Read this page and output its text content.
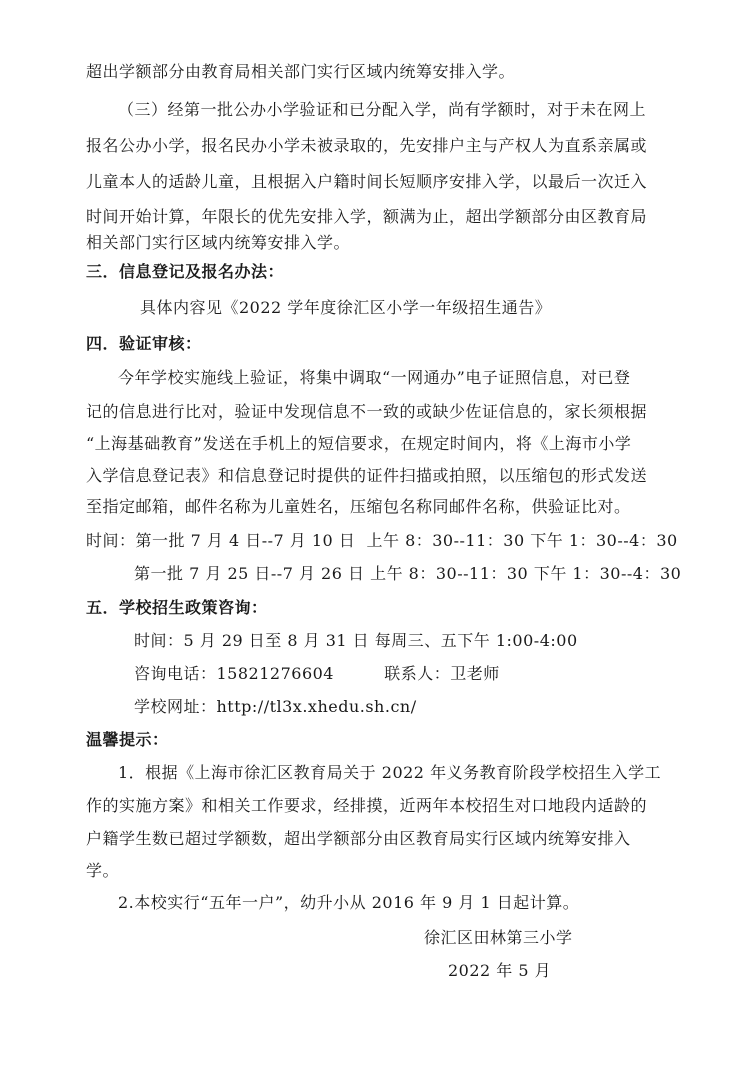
超出学额部分由教育局相关部门实行区域内统筹安排入学。
（三）经第一批公办小学验证和已分配入学，尚有学额时，对于未在网上
报名公办小学，报名民办小学未被录取的，先安排户主与产权人为直系亲属或
儿童本人的适龄儿童，且根据入户籍时间长短顺序安排入学，以最后一次迁入
时间开始计算，年限长的优先安排入学，额满为止，超出学额部分由区教育局
相关部门实行区域内统筹安排入学。
三．信息登记及报名办法：
具体内容见《2022 学年度徐汇区小学一年级招生通告》
四．验证审核：
今年学校实施线上验证，将集中调取“一网通办”电子证照信息，对已登
记的信息进行比对，验证中发现信息不一致的或缺少佐证信息的，家长须根据
“上海基础教育”发送在手机上的短信要求，在规定时间内，将《上海市小学
入学信息登记表》和信息登记时提供的证件扫描或拍照，以压缩包的形式发送
至指定邮箱，邮件名称为儿童姓名，压缩包名称同邮件名称，供验证比对。
时间：第一批 7 月 4 日--7 月 10 日  上午 8：30--11：30 下午 1：30--4：30
第一批 7 月 25 日--7 月 26 日 上午 8：30--11：30 下午 1：30--4：30
五．学校招生政策咨询：
时间：5 月 29 日至 8 月 31 日 每周三、五下午 1:00-4:00
咨询电话：15821276604         联系人：卫老师
学校网址：http://tl3x.xhedu.sh.cn/
温馨提示：
1．根据《上海市徐汇区教育局关于 2022 年义务教育阶段学校招生入学工
作的实施方案》和相关工作要求，经排摸，近两年本校招生对口地段内适龄的
户籍学生数已超过学额数，超出学额部分由区教育局实行区域内统筹安排入
学。
2.本校实行“五年一户”，幼升小从 2016 年 9 月 1 日起计算。
徐汇区田林第三小学
2022 年 5 月
